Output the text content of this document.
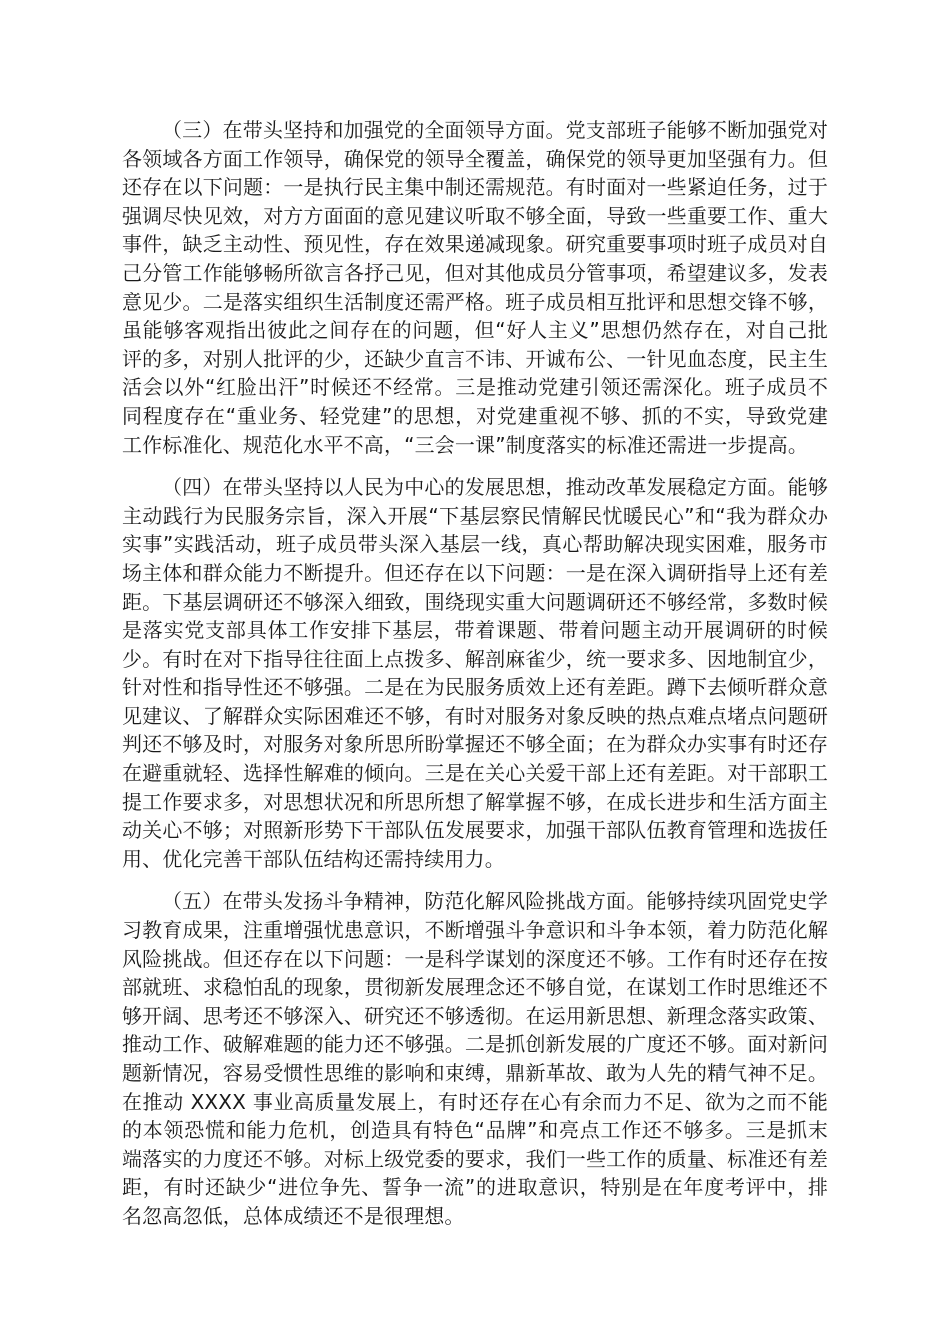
（三）在带头坚持和加强党的全面领导方面。党支部班子能够不断加强党对各领域各方面工作领导，确保党的领导全覆盖，确保党的领导更加坚强有力。但还存在以下问题：一是执行民主集中制还需规范。有时面对一些紧迫任务，过于强调尽快见效，对方方面面的意见建议听取不够全面，导致一些重要工作、重大事件，缺乏主动性、预见性，存在效果递减现象。研究重要事项时班子成员对自己分管工作能够畅所欲言各抒己见，但对其他成员分管事项，希望建议多，发表意见少。二是落实组织生活制度还需严格。班子成员相互批评和思想交锋不够，虽能够客观指出彼此之间存在的问题，但“好人主义”思想仍然存在，对自己批评的多，对别人批评的少，还缺少直言不讳、开诚布公、一针见血态度，民主生活会以外“红脸出汗”时候还不经常。三是推动党建引领还需深化。班子成员不同程度存在“重业务、轻党建”的思想，对党建重视不够、抓的不实，导致党建工作标准化、规范化水平不高，“三会一课”制度落实的标准还需进一步提高。

（四）在带头坚持以人民为中心的发展思想，推动改革发展稳定方面。能够主动践行为民服务宗旨，深入开展“下基层察民情解民忧暖民心”和“我为群众办实事”实践活动，班子成员带头深入基层一线，真心帮助解决现实困难，服务市场主体和群众能力不断提升。但还存在以下问题：一是在深入调研指导上还有差距。下基层调研还不够深入细致，围绕现实重大问题调研还不够经常，多数时候是落实党支部具体工作安排下基层，带着课题、带着问题主动开展调研的时候少。有时在对下指导往往面上点拨多、解剖麻雀少，统一要求多、因地制宜少，针对性和指导性还不够强。二是在为民服务质效上还有差距。蹲下去倾听群众意见建议、了解群众实际困难还不够，有时对服务对象反映的热点难点堵点问题研判还不够及时，对服务对象所思所盼掌握还不够全面；在为群众办实事有时还存在避重就轻、选择性解难的倾向。三是在关心关爱干部上还有差距。对干部职工提工作要求多，对思想状况和所思所想了解掌握不够，在成长进步和生活方面主动关心不够；对照新形势下干部队伍发展要求，加强干部队伍教育管理和选拔任用、优化完善干部队伍结构还需持续用力。

（五）在带头发扬斗争精神，防范化解风险挑战方面。能够持续巩固党史学习教育成果，注重增强忧患意识，不断增强斗争意识和斗争本领，着力防范化解风险挑战。但还存在以下问题：一是科学谋划的深度还不够。工作有时还存在按部就班、求稳怕乱的现象，贯彻新发展理念还不够自觉，在谋划工作时思维还不够开阔、思考还不够深入、研究还不够透彻。在运用新思想、新理念落实政策、推动工作、破解难题的能力还不够强。二是抓创新发展的广度还不够。面对新问题新情况，容易受惯性思维的影响和束缚，鼎新革故、敢为人先的精气神不足。在推动 XXXX 事业高质量发展上，有时还存在心有余而力不足、欲为之而不能的本领恐慌和能力危机，创造具有特色“品牌”和亮点工作还不够多。三是抓末端落实的力度还不够。对标上级党委的要求，我们一些工作的质量、标准还有差距，有时还缺少“进位争先、誓争一流”的进取意识，特别是在年度考评中，排名忽高忽低，总体成绩还不是很理想。
